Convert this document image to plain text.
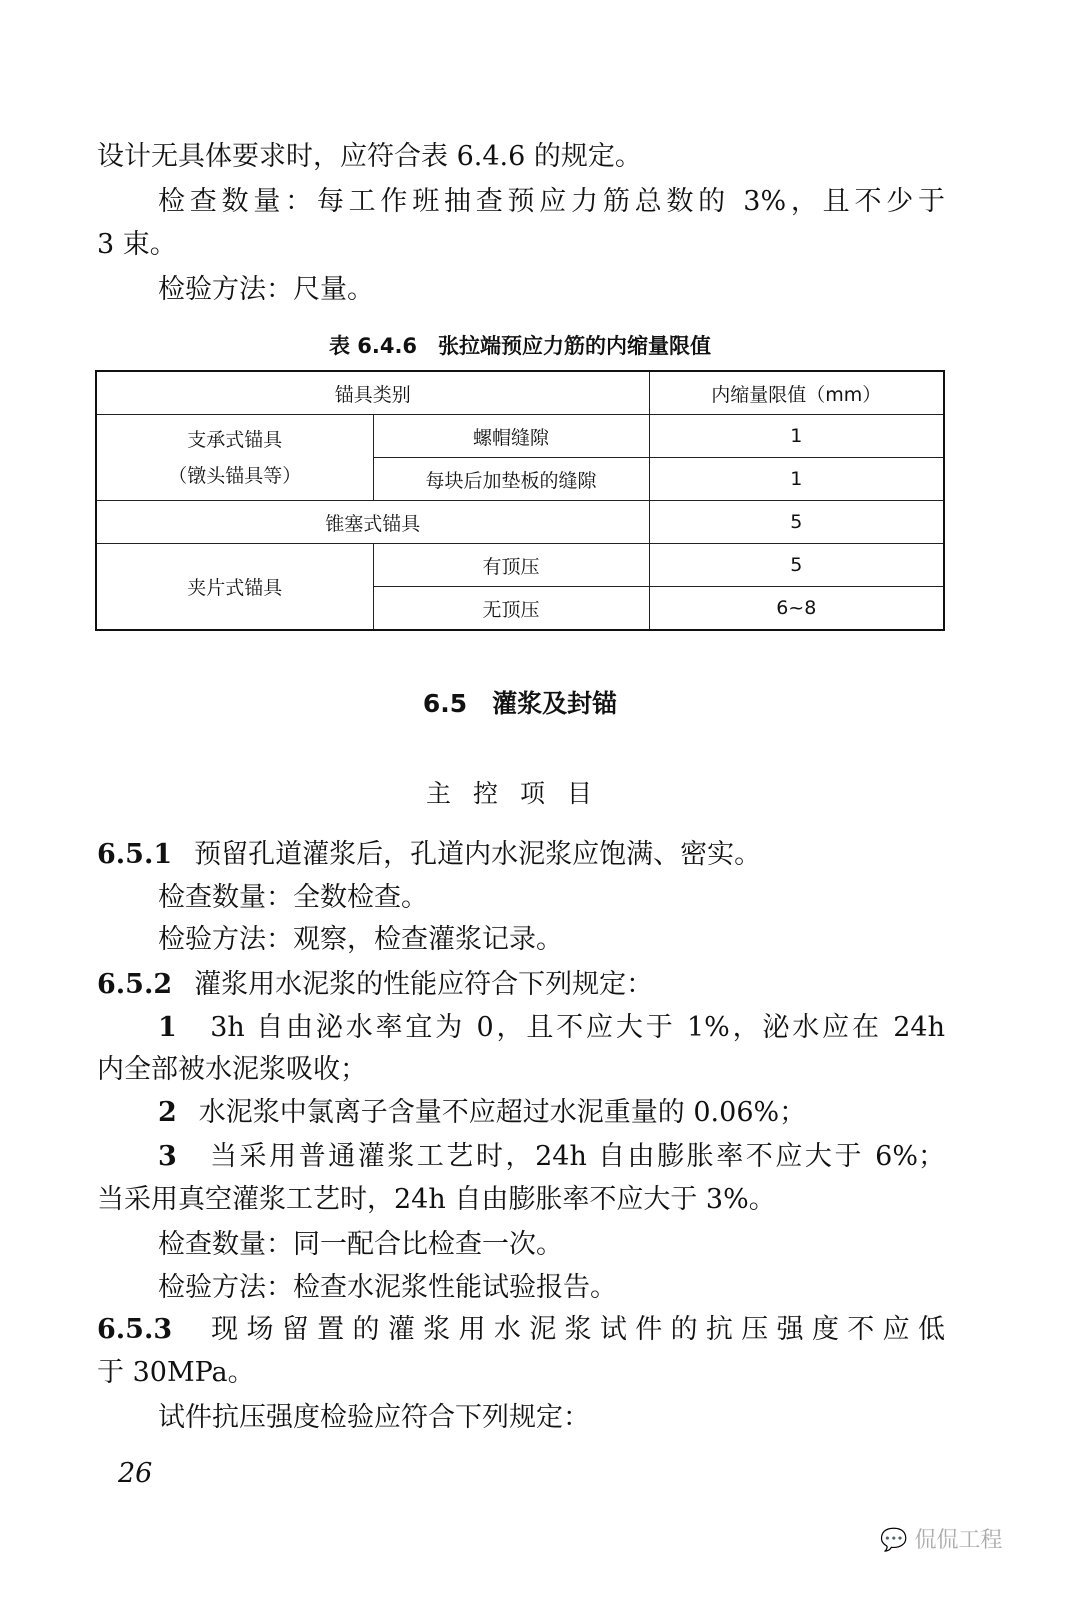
设计无具体要求时，应符合表 6.4.6 的规定。
检查数量：每工作班抽查预应力筋总数的 3%，且不少于
3 束。
检验方法：尺量。
表 6.4.6　张拉端预应力筋的内缩量限值
锚具类别		内缩量限值（mm）

支承式锚具
（镦头锚具等）	螺帽缝隙	1
	每块后加垫板的缝隙	1
锥塞式锚具		5
夹片式锚具	有顶压	5
	无顶压	6~8
6.5　灌浆及封锚
主控项目
6.5.1 预留孔道灌浆后，孔道内水泥浆应饱满、密实。
检查数量：全数检查。
检验方法：观察，检查灌浆记录。
6.5.2 灌浆用水泥浆的性能应符合下列规定：
1 3h 自由泌水率宜为 0，且不应大于 1%，泌水应在 24h
内全部被水泥浆吸收；
2 水泥浆中氯离子含量不应超过水泥重量的 0.06%；
3 当采用普通灌浆工艺时，24h 自由膨胀率不应大于 6%；
当采用真空灌浆工艺时，24h 自由膨胀率不应大于 3%。
检查数量：同一配合比检查一次。
检验方法：检查水泥浆性能试验报告。
6.5.3 现场留置的灌浆用水泥浆试件的抗压强度不应低
于 30MPa。
试件抗压强度检验应符合下列规定：
26
💬 侃侃工程
